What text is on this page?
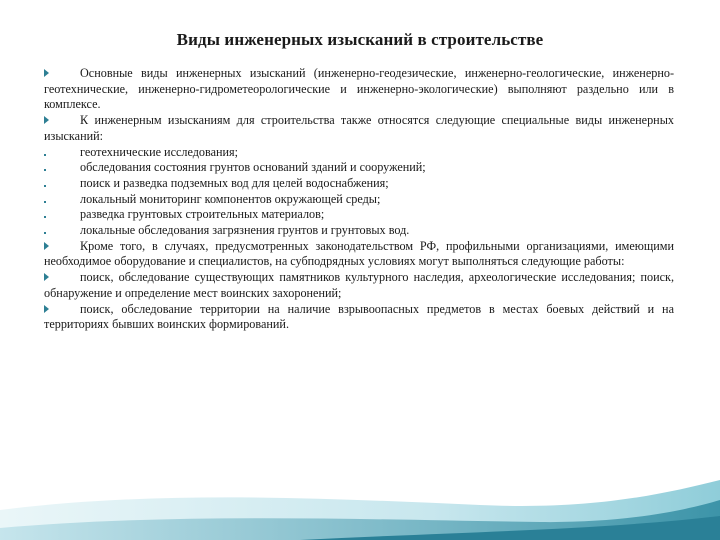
Виды инженерных изысканий в строительстве

Основные виды инженерных изысканий (инженерно-геодезические, инженерно-геологические, инженерно-геотехнические, инженерно-гидрометеорологические и инженерно-экологические) выполняют раздельно или в комплексе.

К инженерным изысканиям для строительства также относятся следующие специальные виды инженерных изысканий:

геотехнические исследования;

обследования состояния грунтов оснований зданий и сооружений;

поиск и разведка подземных вод для целей водоснабжения;

локальный мониторинг компонентов окружающей среды;

разведка грунтовых строительных материалов;

локальные обследования загрязнения грунтов и грунтовых вод.

Кроме того, в случаях, предусмотренных законодательством РФ, профильными организациями, имеющими необходимое оборудование и специалистов, на субподрядных условиях могут выполняться следующие работы:

поиск, обследование существующих памятников культурного наследия, археологические исследования; поиск, обнаружение и определение мест воинских захоронений;

поиск, обследование территории на наличие взрывоопасных предметов в местах боевых действий и на территориях бывших воинских формирований.
